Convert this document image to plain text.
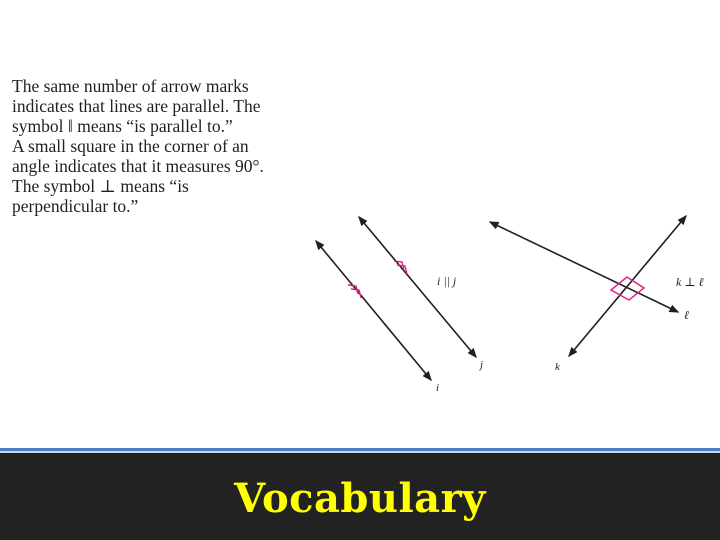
The same number of arrow marks
indicates that lines are parallel. The
symbol ‖ means “is parallel to.”
A small square in the corner of an
angle indicates that it measures 90°.
The symbol ⊥ means “is
perpendicular to.”
i
j
i || j
k
ℓ
k ⊥ ℓ
Vocabulary
